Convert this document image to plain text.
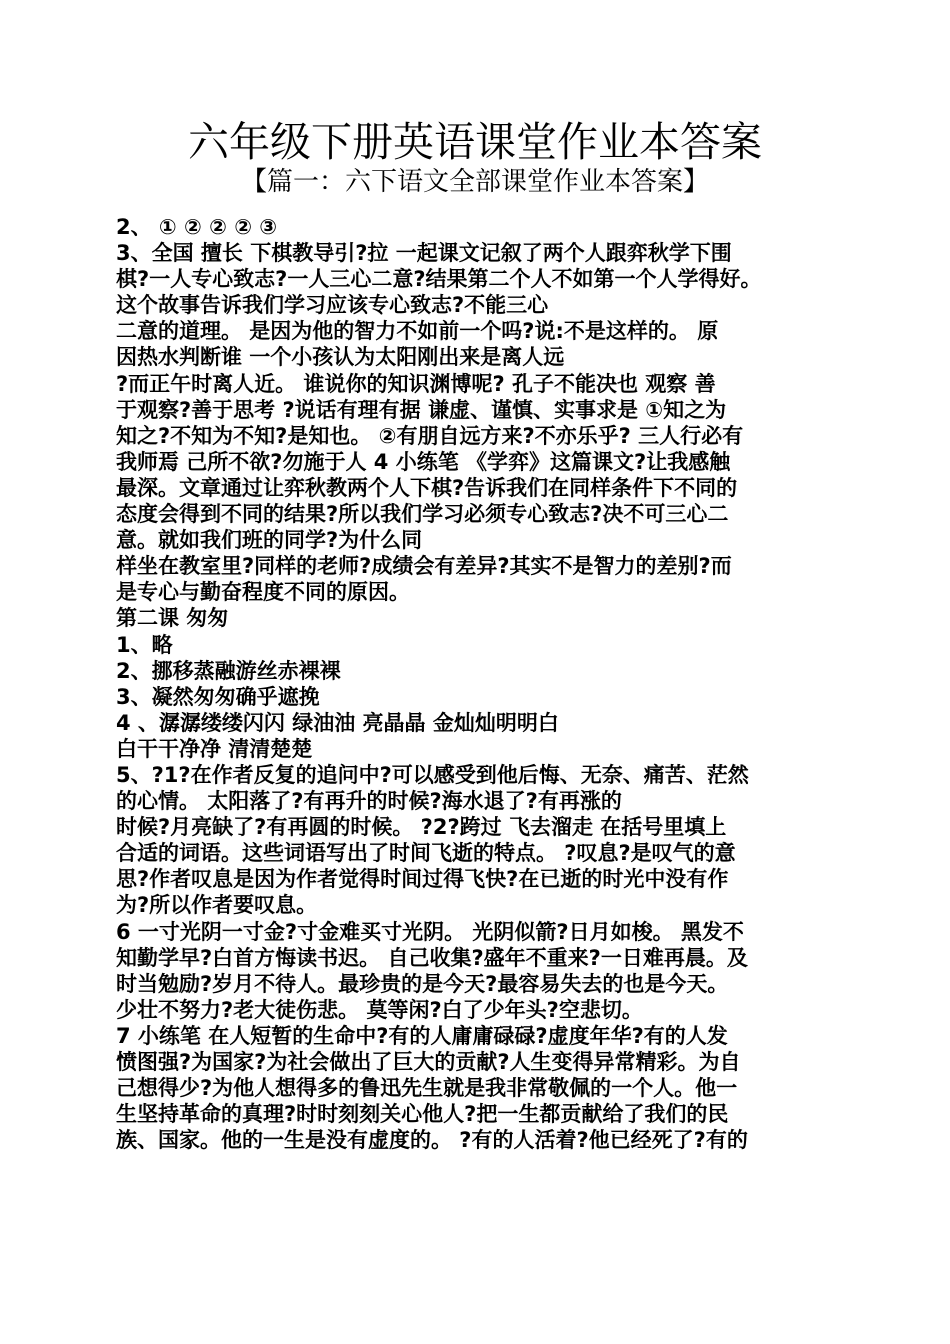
六年级下册英语课堂作业本答案
【篇一：六下语文全部课堂作业本答案】
2、 ① ② ② ② ③
3、全国 擅长 下棋教导引?拉 一起课文记叙了两个人跟弈秋学下围
棋?一人专心致志?一人三心二意?结果第二个人不如第一个人学得好。
这个故事告诉我们学习应该专心致志?不能三心
二意的道理。 是因为他的智力不如前一个吗?说:不是这样的。 原
因热水判断谁 一个小孩认为太阳刚出来是离人远
?而正午时离人近。 谁说你的知识渊博呢? 孔子不能决也 观察 善
于观察?善于思考 ?说话有理有据 谦虚、谨慎、实事求是 ①知之为
知之?不知为不知?是知也。 ②有朋自远方来?不亦乐乎? 三人行必有
我师焉 己所不欲?勿施于人 4 小练笔 《学弈》这篇课文?让我感触
最深。文章通过让弈秋教两个人下棋?告诉我们在同样条件下不同的
态度会得到不同的结果?所以我们学习必须专心致志?决不可三心二
意。就如我们班的同学?为什么同
样坐在教室里?同样的老师?成绩会有差异?其实不是智力的差别?而
是专心与勤奋程度不同的原因。
第二课 匆匆
1、略
2、挪移蒸融游丝赤裸裸
3、凝然匆匆确乎遮挽
4 、潺潺缕缕闪闪 绿油油 亮晶晶 金灿灿明明白
白干干净净 清清楚楚
5、?1?在作者反复的追问中?可以感受到他后悔、无奈、痛苦、茫然
的心情。 太阳落了?有再升的时候?海水退了?有再涨的
时候?月亮缺了?有再圆的时候。 ?2?跨过 飞去溜走 在括号里填上
合适的词语。这些词语写出了时间飞逝的特点。 ?叹息?是叹气的意
思?作者叹息是因为作者觉得时间过得飞快?在已逝的时光中没有作
为?所以作者要叹息。
6 一寸光阴一寸金?寸金难买寸光阴。 光阴似箭?日月如梭。 黑发不
知勤学早?白首方悔读书迟。 自己收集?盛年不重来?一日难再晨。及
时当勉励?岁月不待人。最珍贵的是今天?最容易失去的也是今天。
少壮不努力?老大徒伤悲。 莫等闲?白了少年头?空悲切。
7 小练笔 在人短暂的生命中?有的人庸庸碌碌?虚度年华?有的人发
愤图强?为国家?为社会做出了巨大的贡献?人生变得异常精彩。为自
己想得少?为他人想得多的鲁迅先生就是我非常敬佩的一个人。他一
生坚持革命的真理?时时刻刻关心他人?把一生都贡献给了我们的民
族、国家。他的一生是没有虚度的。 ?有的人活着?他已经死了?有的
